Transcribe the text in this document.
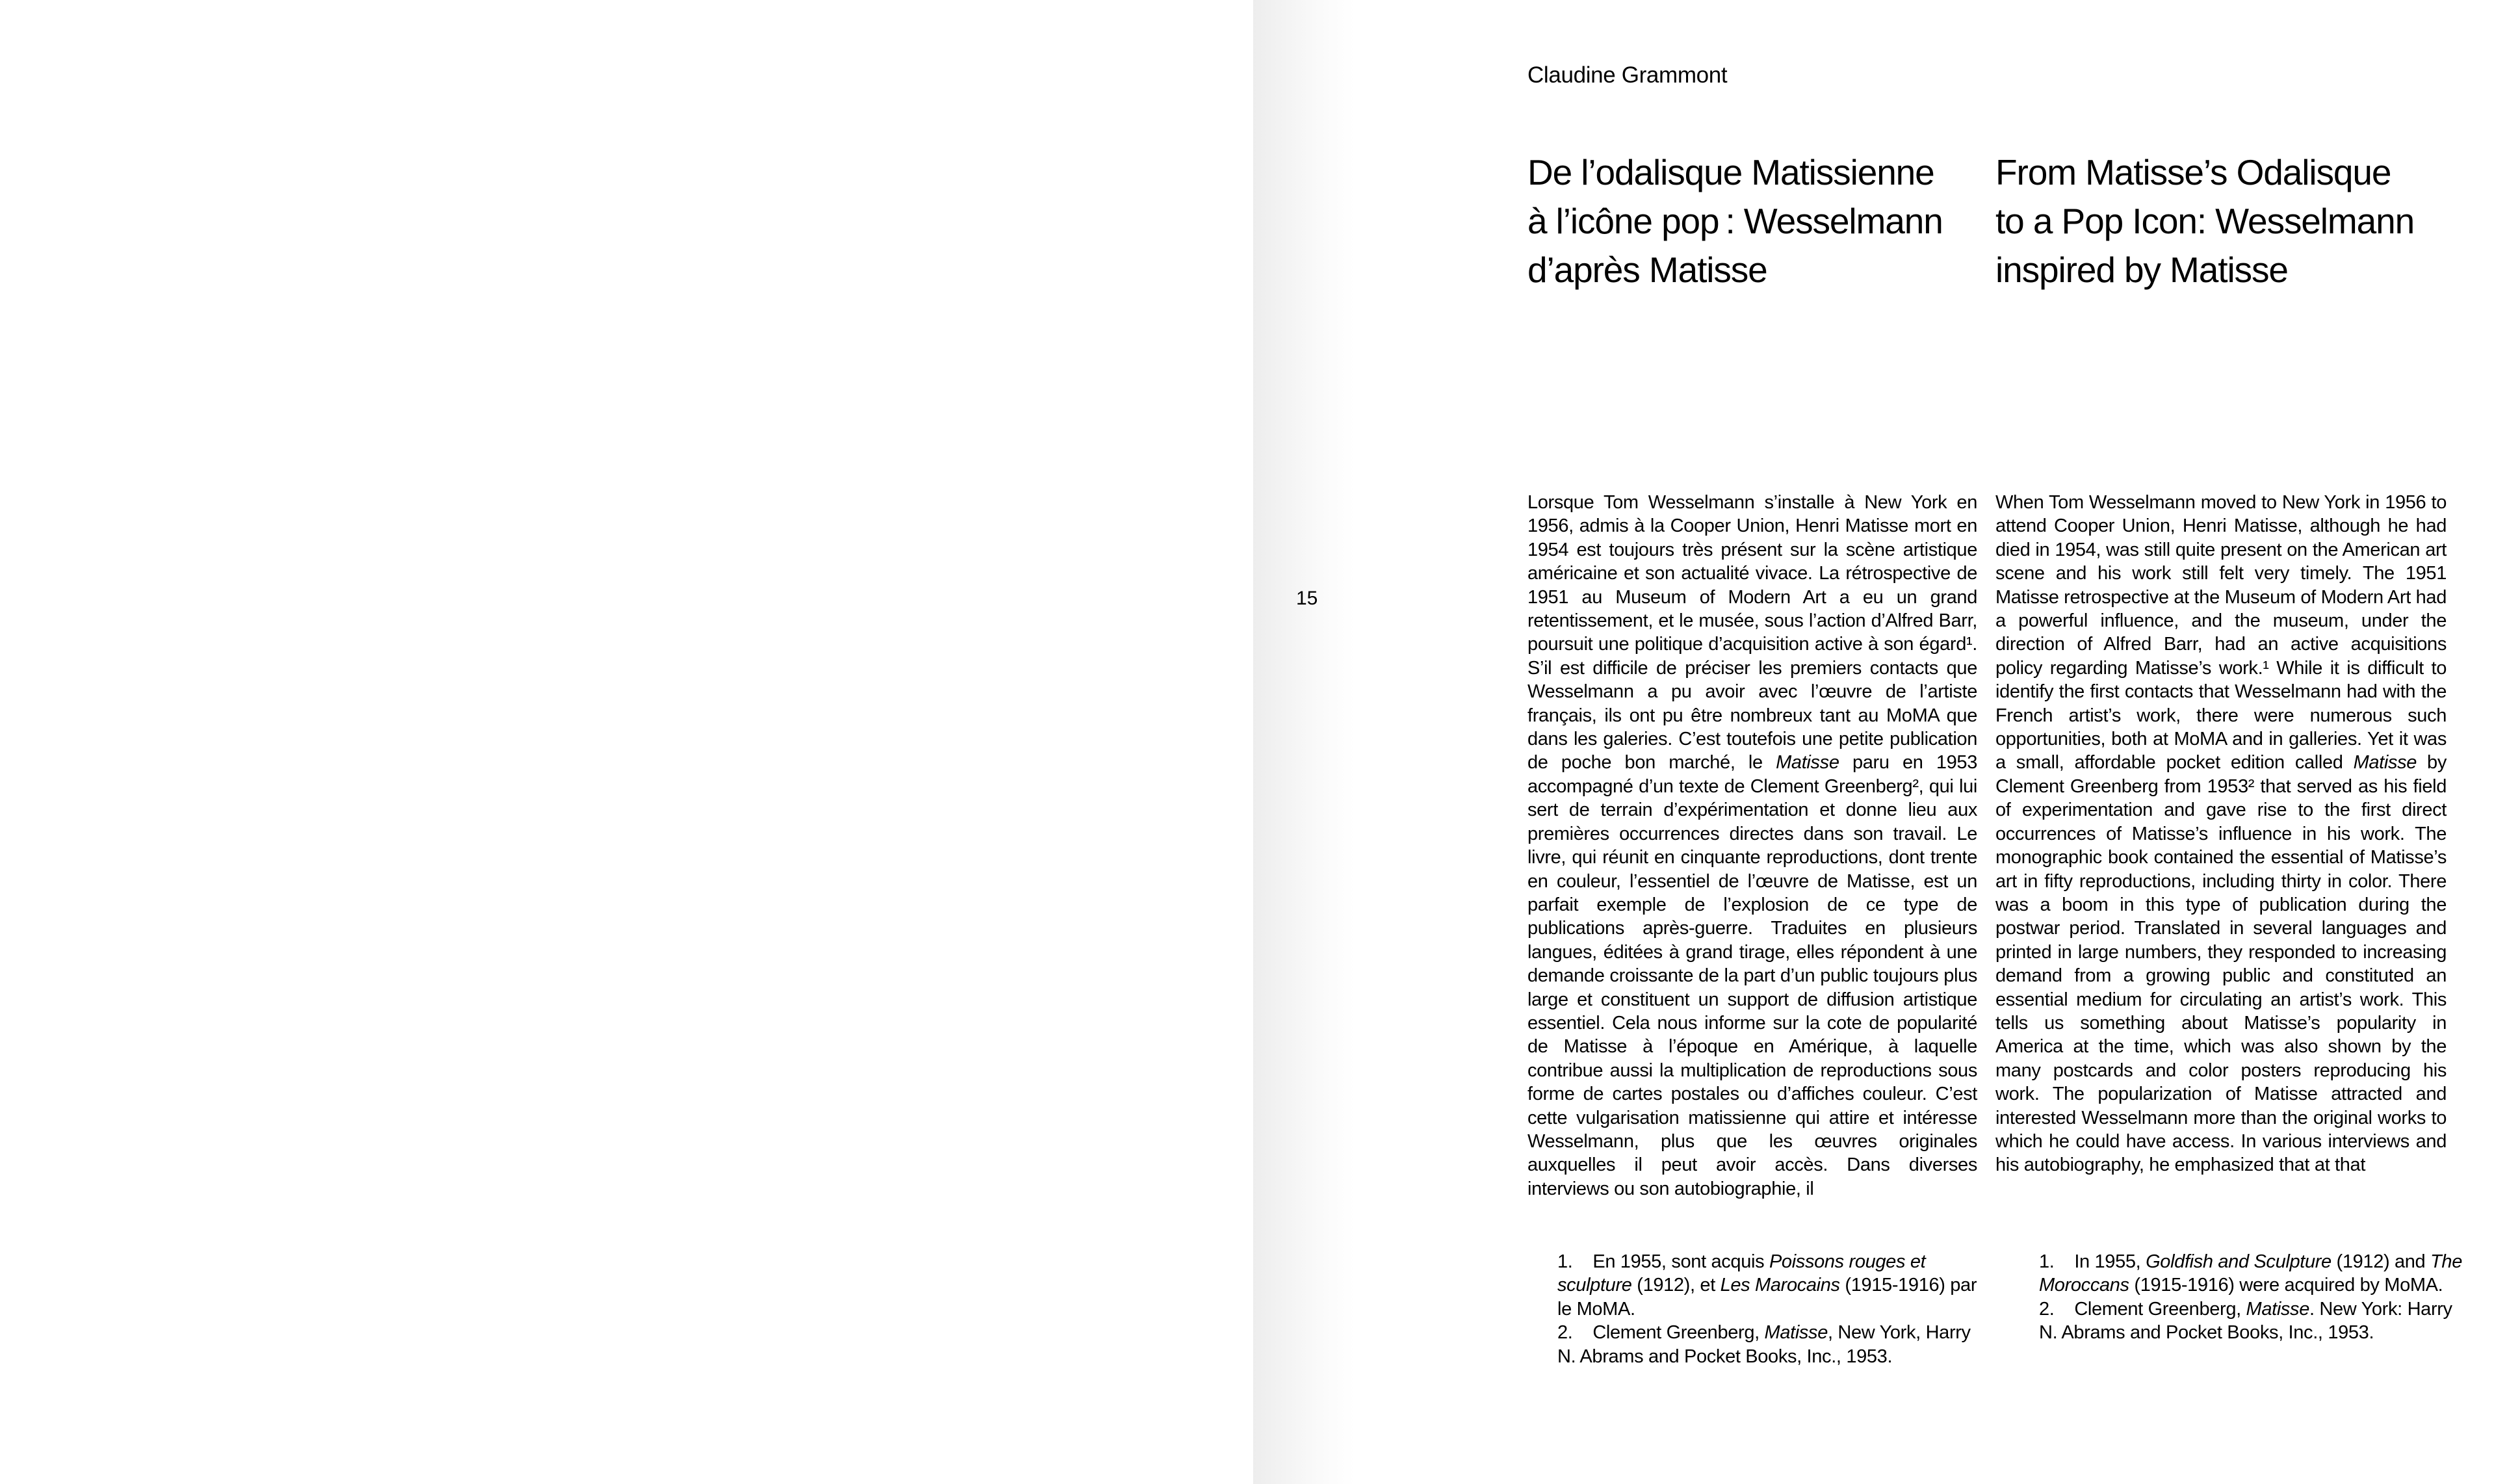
15
Claudine Grammont
De l’odalisque Matissienne
à l’icône pop : Wesselmann
d’après Matisse
From Matisse’s Odalisque
to a Pop Icon: Wesselmann
inspired by Matisse

Lorsque Tom Wesselmann s’installe à New York en 1956, admis à la Cooper Union, Henri Matisse mort en 1954 est toujours très présent sur la scène artistique américaine et son actualité vivace. La rétrospective de 1951 au Museum of Modern Art a eu un grand retentissement, et le musée, sous l’action d’Alfred Barr, poursuit une politique d’acquisition active à son égard¹. S’il est difficile de préciser les premiers contacts que Wesselmann a pu avoir avec l’œuvre de l’artiste français, ils ont pu être nombreux tant au MoMA que dans les galeries. C’est toutefois une petite publication de poche bon marché, le Matisse paru en 1953 accompagné d’un texte de Clement Greenberg², qui lui sert de terrain d’expérimentation et donne lieu aux premières occurrences directes dans son travail. Le livre, qui réunit en cinquante reproductions, dont trente en couleur, l’essentiel de l’œuvre de Matisse, est un parfait exemple de l’explosion de ce type de publications après-guerre. Traduites en plusieurs langues, éditées à grand tirage, elles répondent à une demande croissante de la part d’un public toujours plus large et constituent un support de diffusion artistique essentiel. Cela nous informe sur la cote de popularité de Matisse à l’époque en Amérique, à laquelle contribue aussi la multiplication de reproductions sous forme de cartes postales ou d’affiches couleur. C’est cette vulgarisation matissienne qui attire et intéresse Wesselmann, plus que les œuvres originales auxquelles il peut avoir accès. Dans diverses interviews ou son autobiographie, il

When Tom Wesselmann moved to New York in 1956 to attend Cooper Union, Henri Matisse, although he had died in 1954, was still quite present on the American art scene and his work still felt very timely. The 1951 Matisse retrospective at the Museum of Modern Art had a powerful influence, and the museum, under the direction of Alfred Barr, had an active acquisitions policy regarding Matisse’s work.¹ While it is difficult to identify the first contacts that Wesselmann had with the French artist’s work, there were numerous such opportunities, both at MoMA and in galleries. Yet it was a small, affordable pocket edition called Matisse by Clement Greenberg from 1953² that served as his field of experimentation and gave rise to the first direct occurrences of Matisse’s influence in his work. The monographic book contained the essential of Matisse’s art in fifty reproductions, including thirty in color. There was a boom in this type of publication during the postwar period. Translated in several languages and printed in large numbers, they responded to increasing demand from a growing public and constituted an essential medium for circulating an artist’s work. This tells us something about Matisse’s popularity in America at the time, which was also shown by the many postcards and color posters reproducing his work. The popularization of Matisse attracted and interested Wesselmann more than the original works to which he could have access. In various interviews and his autobiography, he emphasized that at that

1.    En 1955, sont acquis Poissons rouges et sculpture (1912), et Les Marocains (1915-1916) par le MoMA.

2.    Clement Greenberg, Matisse, New York, Harry N. Abrams and Pocket Books, Inc., 1953.

1.    In 1955, Goldfish and Sculpture (1912) and The Moroccans (1915-1916) were acquired by MoMA.

2.    Clement Greenberg, Matisse. New York: Harry N. Abrams and Pocket Books, Inc., 1953.
